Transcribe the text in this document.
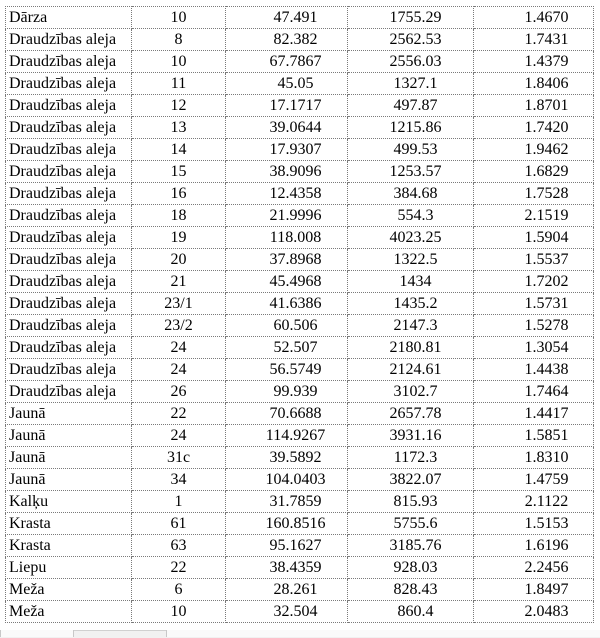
Dārza	10	47.491	1755.29	1.4670
Draudzības aleja	8	82.382	2562.53	1.7431
Draudzības aleja	10	67.7867	2556.03	1.4379
Draudzības aleja	11	45.05	1327.1	1.8406
Draudzības aleja	12	17.1717	497.87	1.8701
Draudzības aleja	13	39.0644	1215.86	1.7420
Draudzības aleja	14	17.9307	499.53	1.9462
Draudzības aleja	15	38.9096	1253.57	1.6829
Draudzības aleja	16	12.4358	384.68	1.7528
Draudzības aleja	18	21.9996	554.3	2.1519
Draudzības aleja	19	118.008	4023.25	1.5904
Draudzības aleja	20	37.8968	1322.5	1.5537
Draudzības aleja	21	45.4968	1434	1.7202
Draudzības aleja	23/1	41.6386	1435.2	1.5731
Draudzības aleja	23/2	60.506	2147.3	1.5278
Draudzības aleja	24	52.507	2180.81	1.3054
Draudzības aleja	24	56.5749	2124.61	1.4438
Draudzības aleja	26	99.939	3102.7	1.7464
Jaunā	22	70.6688	2657.78	1.4417
Jaunā	24	114.9267	3931.16	1.5851
Jaunā	31c	39.5892	1172.3	1.8310
Jaunā	34	104.0403	3822.07	1.4759
Kalķu	1	31.7859	815.93	2.1122
Krasta	61	160.8516	5755.6	1.5153
Krasta	63	95.1627	3185.76	1.6196
Liepu	22	38.4359	928.03	2.2456
Meža	6	28.261	828.43	1.8497
Meža	10	32.504	860.4	2.0483
